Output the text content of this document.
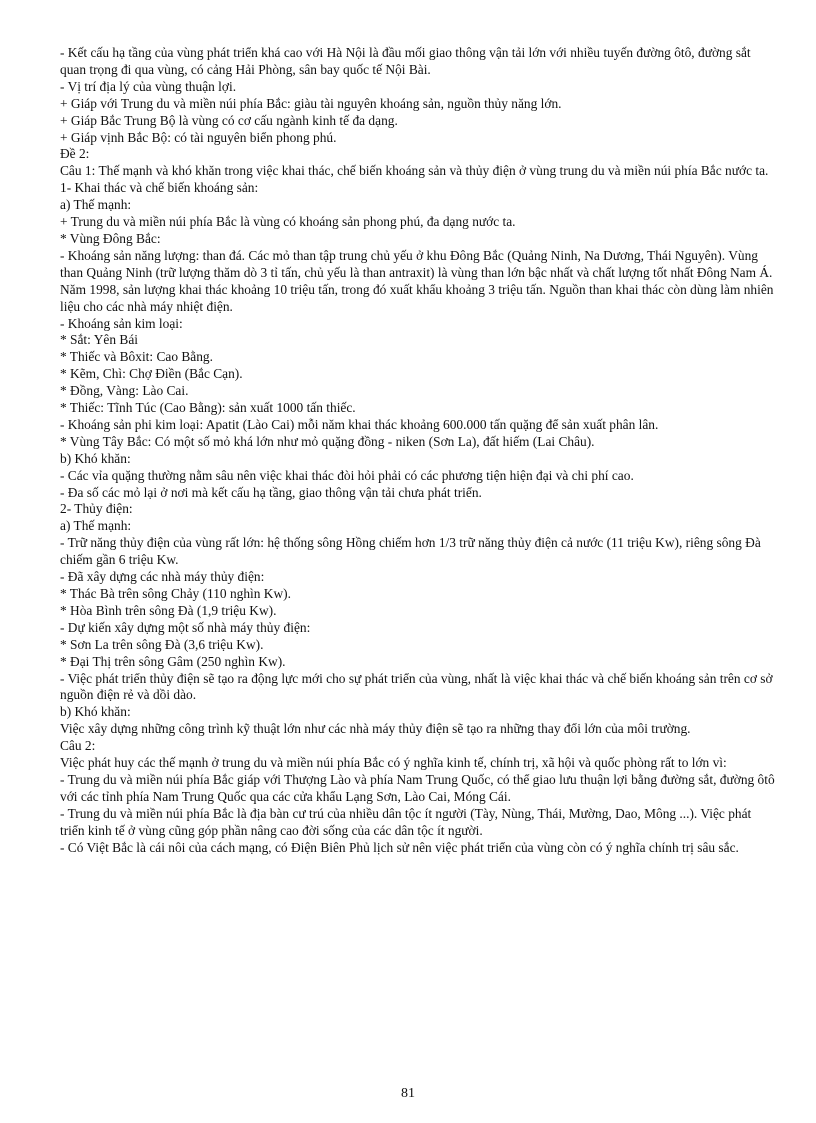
- Kết cấu hạ tầng của vùng phát triển khá cao với Hà Nội là đầu mối giao thông vận tải lớn với nhiều tuyến đường ôtô, đường sắt quan trọng đi qua vùng, có cảng Hải Phòng, sân bay quốc tế Nội Bài.

- Vị trí địa lý của vùng thuận lợi.

+ Giáp với Trung du và miền núi phía Bắc: giàu tài nguyên khoáng sản, nguồn thủy năng lớn.

+ Giáp Bắc Trung Bộ là vùng có cơ cấu ngành kinh tế đa dạng.

+ Giáp vịnh Bắc Bộ: có tài nguyên biển phong phú.

Đề 2:

Câu 1: Thế mạnh và khó khăn trong việc khai thác, chế biến khoáng sản và thủy điện ở vùng trung du và miền núi phía Bắc nước ta.

1- Khai thác và chế biến khoáng sản:

a) Thế mạnh:

+ Trung du và miền núi phía Bắc là vùng có khoáng sản phong phú, đa dạng nước ta.

* Vùng Đông Bắc:

- Khoáng sản năng lượng: than đá. Các mỏ than tập trung chủ yếu ở khu Đông Bắc (Quảng Ninh, Na Dương, Thái Nguyên). Vùng than Quảng Ninh (trữ lượng thăm dò 3 tỉ tấn, chủ yếu là than antraxit) là vùng than lớn bậc nhất và chất lượng tốt nhất Đông Nam Á. Năm 1998, sản lượng khai thác khoảng 10 triệu tấn, trong đó xuất khẩu khoảng 3 triệu tấn. Nguồn than khai thác còn dùng làm nhiên liệu cho các nhà máy nhiệt điện.

- Khoáng sản kim loại:

* Sắt: Yên Bái

* Thiếc và Bôxit: Cao Bằng.

* Kẽm, Chì: Chợ Điền (Bắc Cạn).

* Đồng, Vàng: Lào Cai.

* Thiếc: Tĩnh Túc (Cao Bằng): sản xuất 1000 tấn thiếc.

- Khoáng sản phi kim loại: Apatit (Lào Cai) mỗi năm khai thác khoảng 600.000 tấn quặng để sản xuất phân lân.

* Vùng Tây Bắc: Có một số mỏ khá lớn như mỏ quặng đồng - niken (Sơn La), đất hiếm (Lai Châu).

b) Khó khăn:

- Các vỉa quặng thường nằm sâu nên việc khai thác đòi hỏi phải có các phương tiện hiện đại và chi phí cao.

- Đa số các mỏ lại ở nơi mà kết cấu hạ tầng, giao thông vận tải chưa phát triển.

2- Thủy điện:

a) Thế mạnh:

- Trữ năng thủy điện của vùng rất lớn: hệ thống sông Hồng chiếm hơn 1/3 trữ năng thủy điện cả nước (11 triệu Kw), riêng sông Đà chiếm gần 6 triệu Kw.

- Đã xây dựng các nhà máy thủy điện:

* Thác Bà trên sông Chảy (110 nghìn Kw).

* Hòa Bình trên sông Đà (1,9 triệu Kw).

- Dự kiến xây dựng một số nhà máy thủy điện:

* Sơn La trên sông Đà (3,6 triệu Kw).

* Đại Thị trên sông Gâm (250 nghìn Kw).

- Việc phát triển thủy điện sẽ tạo ra động lực mới cho sự phát triển của vùng, nhất là việc khai thác và chế biến khoáng sản trên cơ sở nguồn điện rẻ và dồi dào.

b) Khó khăn:

Việc xây dựng những công trình kỹ thuật lớn như các nhà máy thủy điện sẽ tạo ra những thay đổi lớn của môi trường.

Câu 2:

Việc phát huy các thế mạnh ở trung du và miền núi phía Bắc có ý nghĩa kinh tế, chính trị, xã hội và quốc phòng rất to lớn vì:

- Trung du và miền núi phía Bắc giáp với Thượng Lào và phía Nam Trung Quốc, có thể giao lưu thuận lợi bằng đường sắt, đường ôtô với các tỉnh phía Nam Trung Quốc qua các cửa khẩu Lạng Sơn, Lào Cai, Móng Cái.

- Trung du và miền núi phía Bắc là địa bàn cư trú của nhiều dân tộc ít người (Tày, Nùng, Thái, Mường, Dao, Mông ...). Việc phát triển kinh tế ở vùng cũng góp phần nâng cao đời sống của các dân tộc ít người.

- Có Việt Bắc là cái nôi của cách mạng, có Điện Biên Phủ lịch sử nên việc phát triển của vùng còn có ý nghĩa chính trị sâu sắc.

81
